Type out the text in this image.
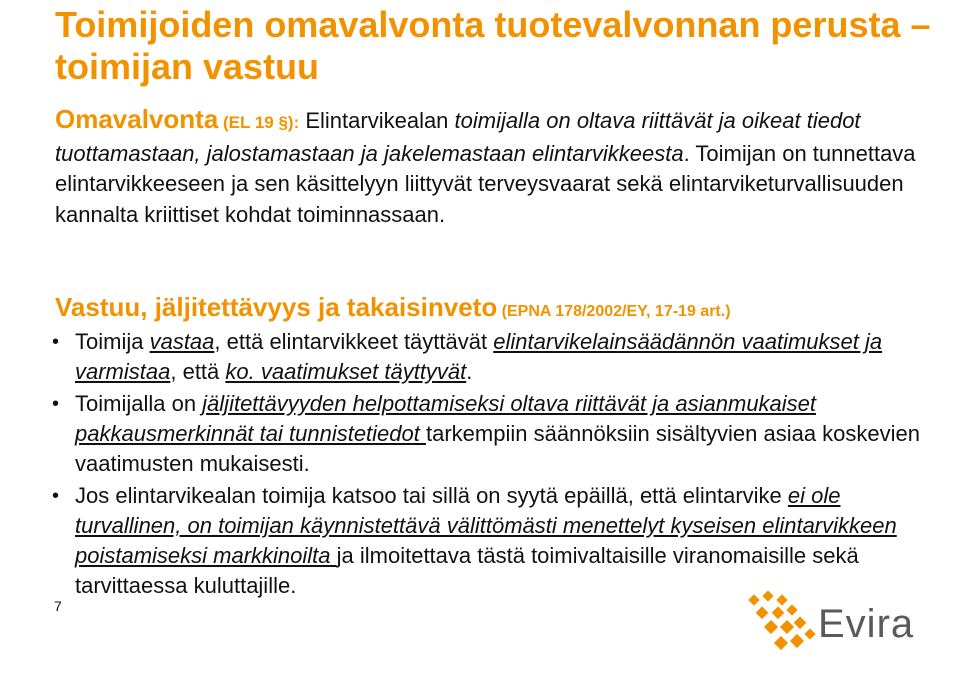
Toimijoiden omavalvonta tuotevalvonnan perusta – toimijan vastuu

Omavalvonta (EL 19 §): Elintarvikealan toimijalla on oltava riittävät ja oikeat tiedot tuottamastaan, jalostamastaan ja jakelemastaan elintarvikkeesta. Toimijan on tunnettava elintarvikkeeseen ja sen käsittelyyn liittyvät terveysvaarat sekä elintarviketurvallisuuden kannalta kriittiset kohdat toiminnassaan.

Vastuu, jäljitettävyys ja takaisinveto (EPNA 178/2002/EY, 17-19 art.)

• Toimija vastaa, että elintarvikkeet täyttävät elintarvikelainsäädännön vaatimukset ja varmistaa, että ko. vaatimukset täyttyvät.
• Toimijalla on jäljitettävyyden helpottamiseksi oltava riittävät ja asianmukaiset pakkausmerkinnät tai tunnistetiedot tarkempiin säännöksiin sisältyvien asiaa koskevien vaatimusten mukaisesti.
• Jos elintarvikealan toimija katsoo tai sillä on syytä epäillä, että elintarvike ei ole turvallinen, on toimijan käynnistettävä välittömästi menettelyt kyseisen elintarvikkeen poistamiseksi markkinoilta ja ilmoitettava tästä toimivaltaisille viranomaisille sekä tarvittaessa kuluttajille.
7	Evira
